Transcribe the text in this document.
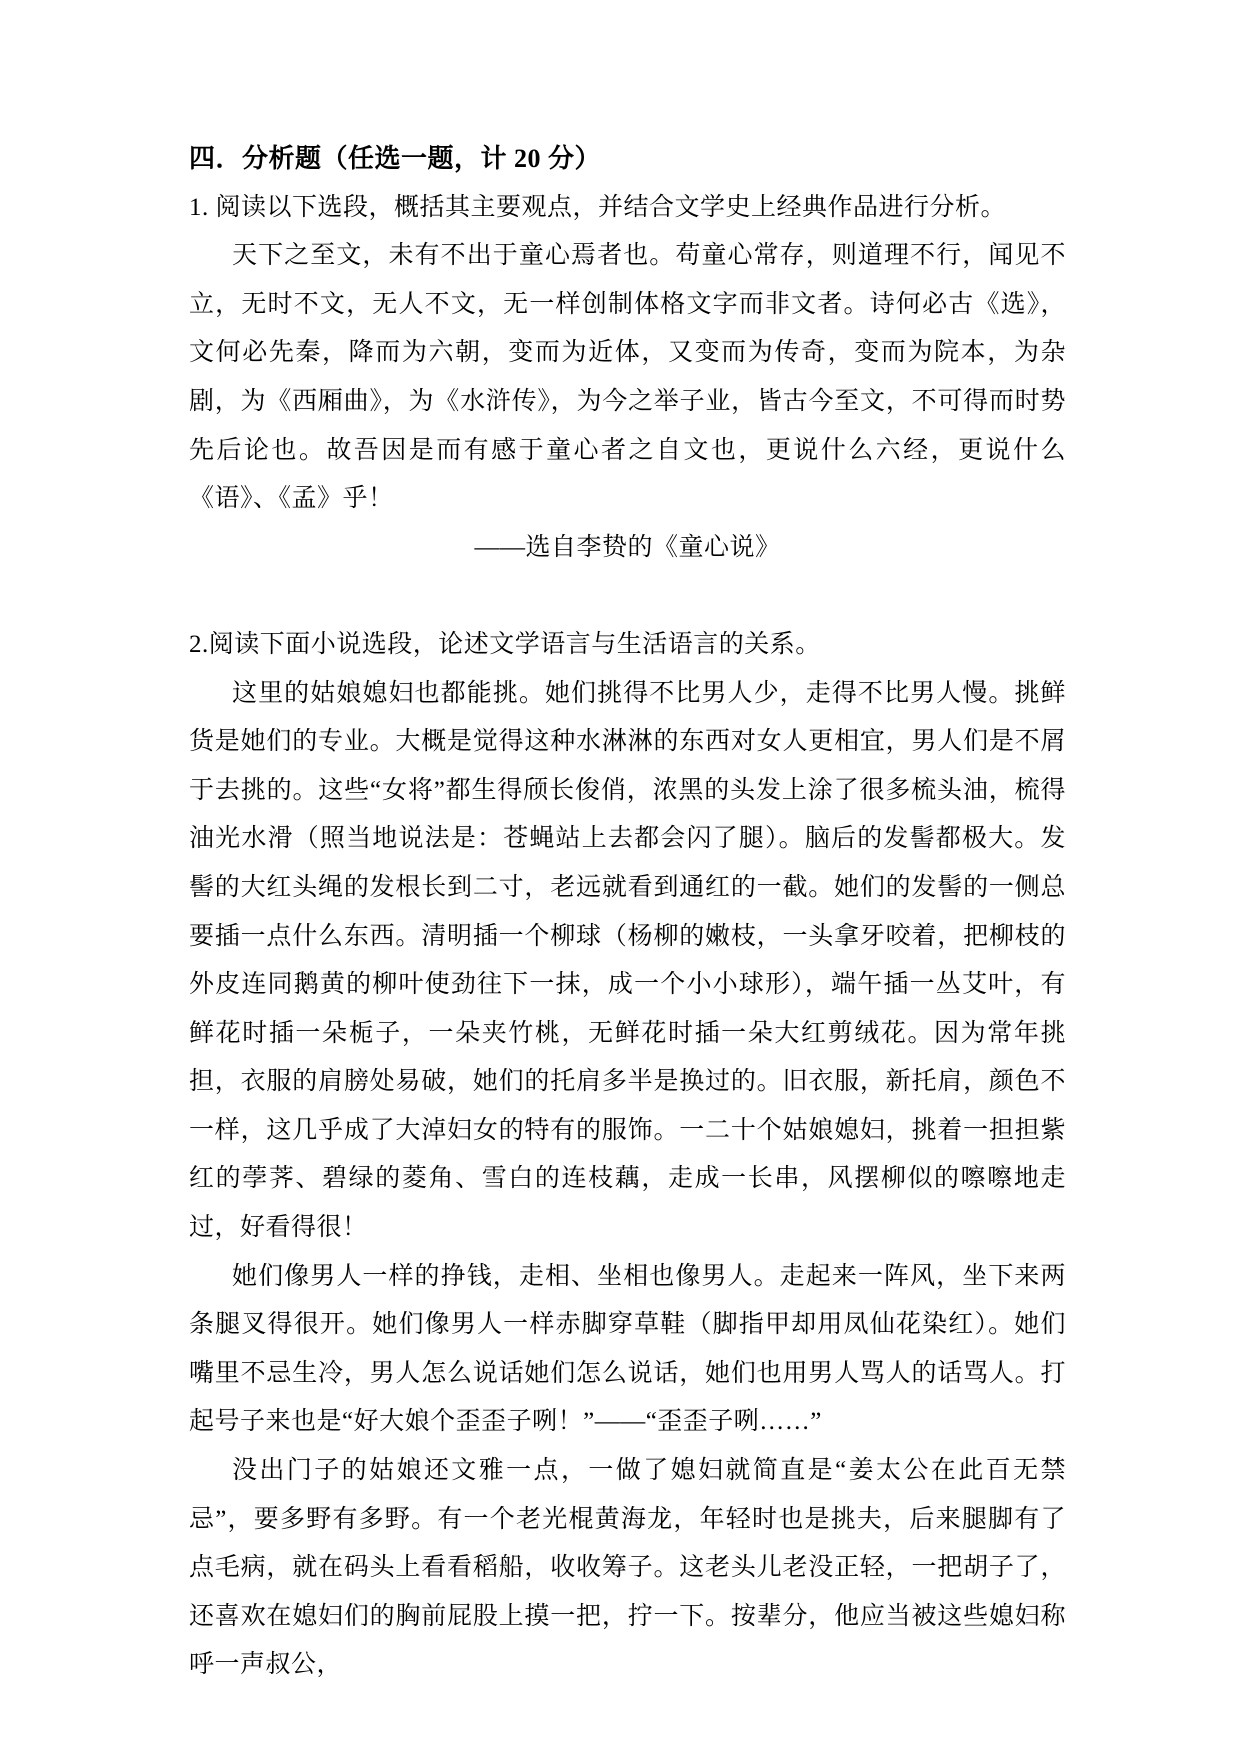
四．分析题（任选一题，计 20 分）

1. 阅读以下选段，概括其主要观点，并结合文学史上经典作品进行分析。

天下之至文，未有不出于童心焉者也。苟童心常存，则道理不行，闻见不立，无时不文，无人不文，无一样创制体格文字而非文者。诗何必古《选》，文何必先秦，降而为六朝，变而为近体，又变而为传奇，变而为院本，为杂剧，为《西厢曲》，为《水浒传》，为今之举子业，皆古今至文，不可得而时势先后论也。故吾因是而有感于童心者之自文也，更说什么六经，更说什么《语》、《孟》乎！

——选自李贽的《童心说》

2.阅读下面小说选段，论述文学语言与生活语言的关系。

这里的姑娘媳妇也都能挑。她们挑得不比男人少，走得不比男人慢。挑鲜货是她们的专业。大概是觉得这种水淋淋的东西对女人更相宜，男人们是不屑于去挑的。这些“女将”都生得颀长俊俏，浓黑的头发上涂了很多梳头油，梳得油光水滑（照当地说法是：苍蝇站上去都会闪了腿）。脑后的发髻都极大。发髻的大红头绳的发根长到二寸，老远就看到通红的一截。她们的发髻的一侧总要插一点什么东西。清明插一个柳球（杨柳的嫩枝，一头拿牙咬着，把柳枝的外皮连同鹅黄的柳叶使劲往下一抹，成一个小小球形），端午插一丛艾叶，有鲜花时插一朵栀子，一朵夹竹桃，无鲜花时插一朵大红剪绒花。因为常年挑担，衣服的肩膀处易破，她们的托肩多半是换过的。旧衣服，新托肩，颜色不一样，这几乎成了大淖妇女的特有的服饰。一二十个姑娘媳妇，挑着一担担紫红的荸荠、碧绿的菱角、雪白的连枝藕，走成一长串，风摆柳似的嚓嚓地走过，好看得很！

她们像男人一样的挣钱，走相、坐相也像男人。走起来一阵风，坐下来两条腿叉得很开。她们像男人一样赤脚穿草鞋（脚指甲却用凤仙花染红）。她们嘴里不忌生冷，男人怎么说话她们怎么说话，她们也用男人骂人的话骂人。打起号子来也是“好大娘个歪歪子咧！”——“歪歪子咧……”

没出门子的姑娘还文雅一点，一做了媳妇就简直是“姜太公在此百无禁忌”，要多野有多野。有一个老光棍黄海龙，年轻时也是挑夫，后来腿脚有了点毛病，就在码头上看看稻船，收收筹子。这老头儿老没正轻，一把胡子了，还喜欢在媳妇们的胸前屁股上摸一把，拧一下。按辈分，他应当被这些媳妇称呼一声叔公，
